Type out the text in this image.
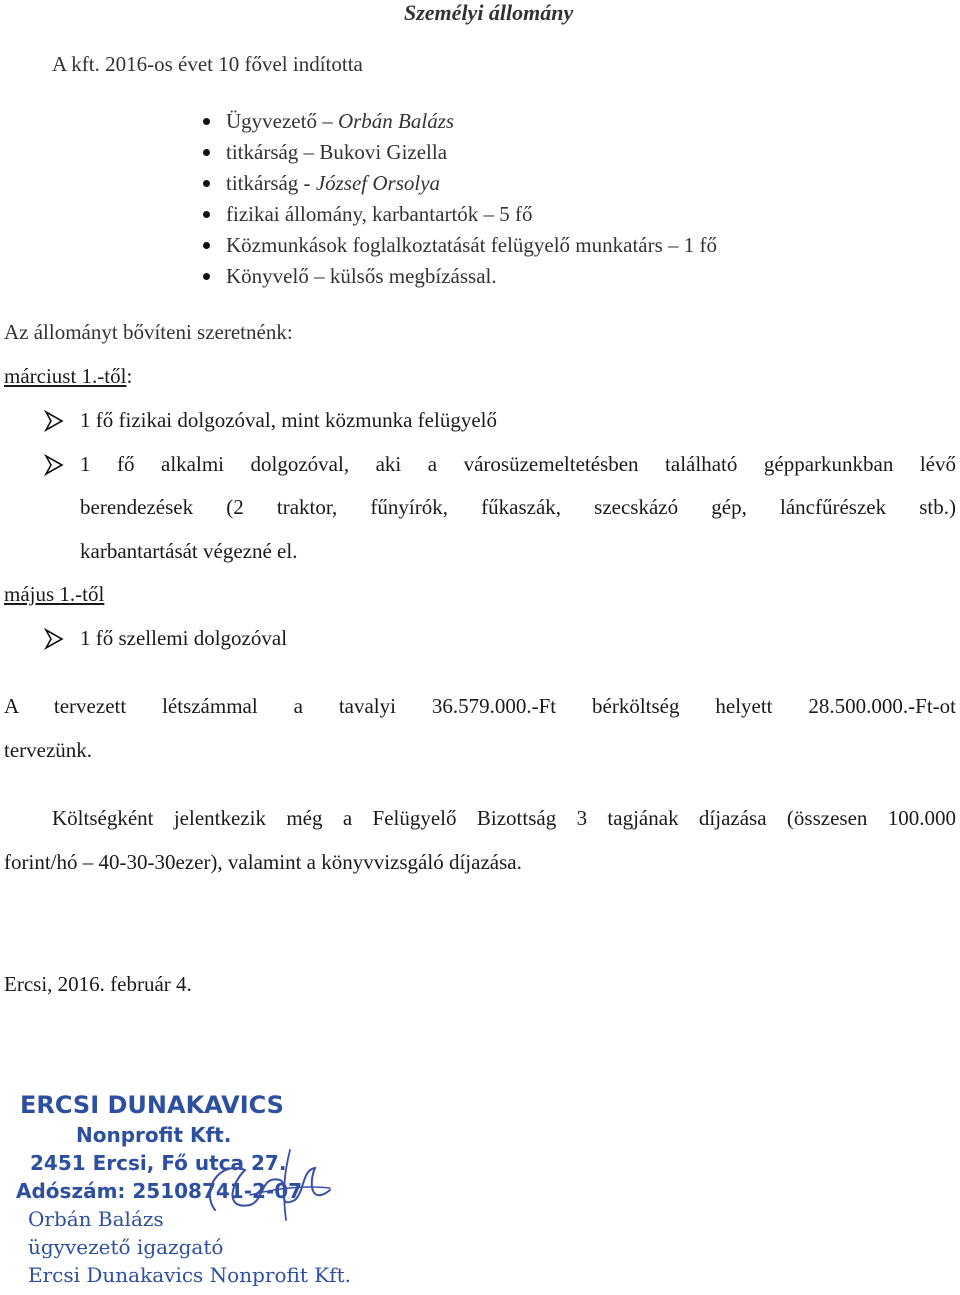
Személyi állomány
A kft. 2016-os évet 10 fővel indította
Ügyvezető – Orbán Balázs
titkárság – Bukovi Gizella
titkárság - József Orsolya
fizikai állomány, karbantartók – 5 fő
Közmunkások foglalkoztatását felügyelő munkatárs – 1 fő
Könyvelő – külsős megbízással.
Az állományt bővíteni szeretnénk:
márciust 1.-től:
1 fő fizikai dolgozóval, mint közmunka felügyelő
1 fő alkalmi dolgozóval, aki a városüzemeltetésben található gépparkunkban lévő
berendezések (2 traktor, fűnyírók, fűkaszák, szecskázó gép, láncfűrészek stb.)
karbantartását végezné el.
május 1.-től
1 fő szellemi dolgozóval
A tervezett létszámmal a tavalyi 36.579.000.-Ft bérköltség helyett 28.500.000.-Ft-ot
tervezünk.
Költségként jelentkezik még a Felügyelő Bizottság 3 tagjának díjazása (összesen 100.000
forint/hó – 40-30-30ezer), valamint a könyvvizsgáló díjazása.
Ercsi, 2016. február 4.
ERCSI DUNAKAVICS
Nonprofit Kft.
2451 Ercsi, Fő utca 27.
Adószám: 25108741-2-07
Orbán Balázs
ügyvezető igazgató
Ercsi Dunakavics Nonprofit Kft.
